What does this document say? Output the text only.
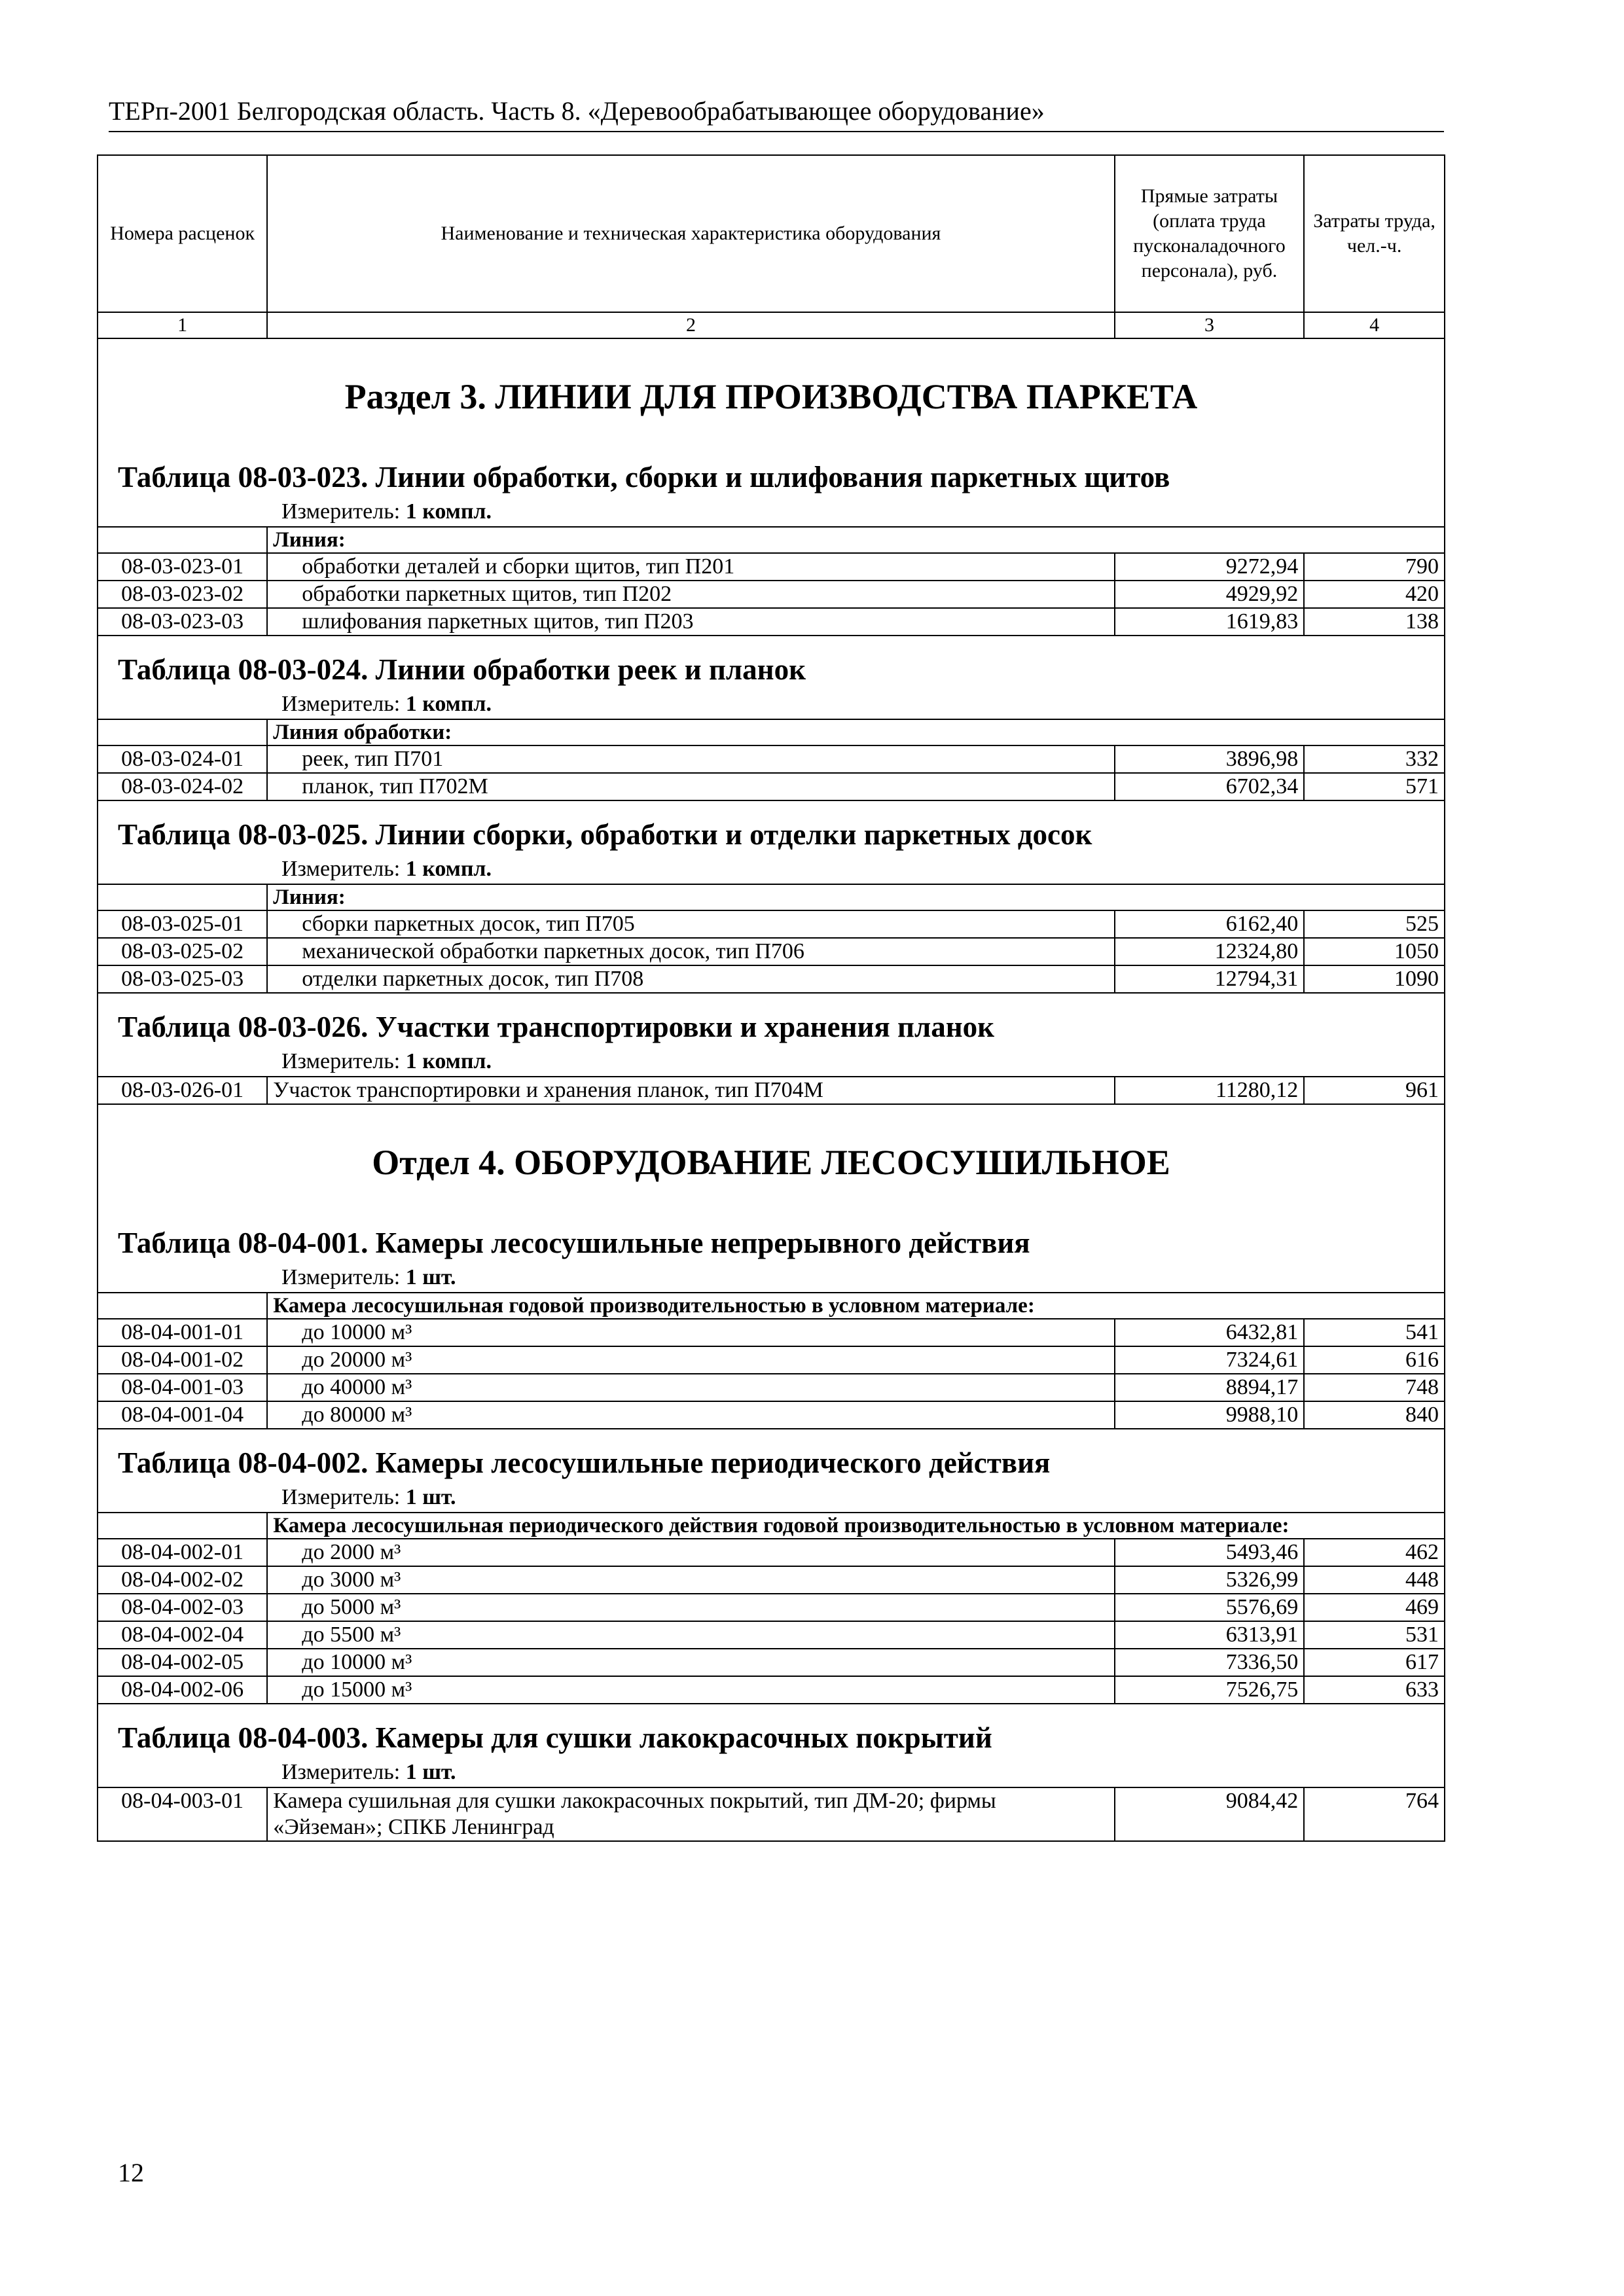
ТЕРп-2001 Белгородская область. Часть 8. «Деревообрабатывающее оборудование»
Номера расценок	Наименование и техническая характеристика оборудования	Прямые затраты (оплата труда пусконаладочного персонала), руб.	Затраты труда, чел.-ч.
1	2	3	4
Раздел 3. ЛИНИИ ДЛЯ ПРОИЗВОДСТВА ПАРКЕТА			
Таблица 08-03-023. Линии обработки, сборки и шлифования паркетных щитов			
Измеритель: 1 компл.			
	Линия:		
08-03-023-01	обработки деталей и сборки щитов, тип П201	9272,94	790
08-03-023-02	обработки паркетных щитов, тип П202	4929,92	420
08-03-023-03	шлифования паркетных щитов, тип П203	1619,83	138
Таблица 08-03-024. Линии обработки реек и планок			
Измеритель: 1 компл.			
	Линия обработки:		
08-03-024-01	реек, тип П701	3896,98	332
08-03-024-02	планок, тип П702М	6702,34	571
Таблица 08-03-025. Линии сборки, обработки и отделки паркетных досок			
Измеритель: 1 компл.			
	Линия:		
08-03-025-01	сборки паркетных досок, тип П705	6162,40	525
08-03-025-02	механической обработки паркетных досок, тип П706	12324,80	1050
08-03-025-03	отделки паркетных досок, тип П708	12794,31	1090
Таблица 08-03-026. Участки транспортировки и хранения планок			
Измеритель: 1 компл.			
08-03-026-01	Участок транспортировки и хранения планок, тип П704М	11280,12	961
Отдел 4. ОБОРУДОВАНИЕ ЛЕСОСУШИЛЬНОЕ			
Таблица 08-04-001. Камеры лесосушильные непрерывного действия			
Измеритель: 1 шт.			
	Камера лесосушильная годовой производительностью в условном материале:		
08-04-001-01	до 10000 м³	6432,81	541
08-04-001-02	до 20000 м³	7324,61	616
08-04-001-03	до 40000 м³	8894,17	748
08-04-001-04	до 80000 м³	9988,10	840
Таблица 08-04-002. Камеры лесосушильные периодического действия			
Измеритель: 1 шт.			
	Камера лесосушильная периодического действия годовой производительностью в условном материале:		
08-04-002-01	до 2000 м³	5493,46	462
08-04-002-02	до 3000 м³	5326,99	448
08-04-002-03	до 5000 м³	5576,69	469
08-04-002-04	до 5500 м³	6313,91	531
08-04-002-05	до 10000 м³	7336,50	617
08-04-002-06	до 15000 м³	7526,75	633
Таблица 08-04-003. Камеры для сушки лакокрасочных покрытий			
Измеритель: 1 шт.			
08-04-003-01	Камера сушильная для сушки лакокрасочных покрытий, тип ДМ-20; фирмы «Эйземан»; СПКБ Ленинград	9084,42	764
12
